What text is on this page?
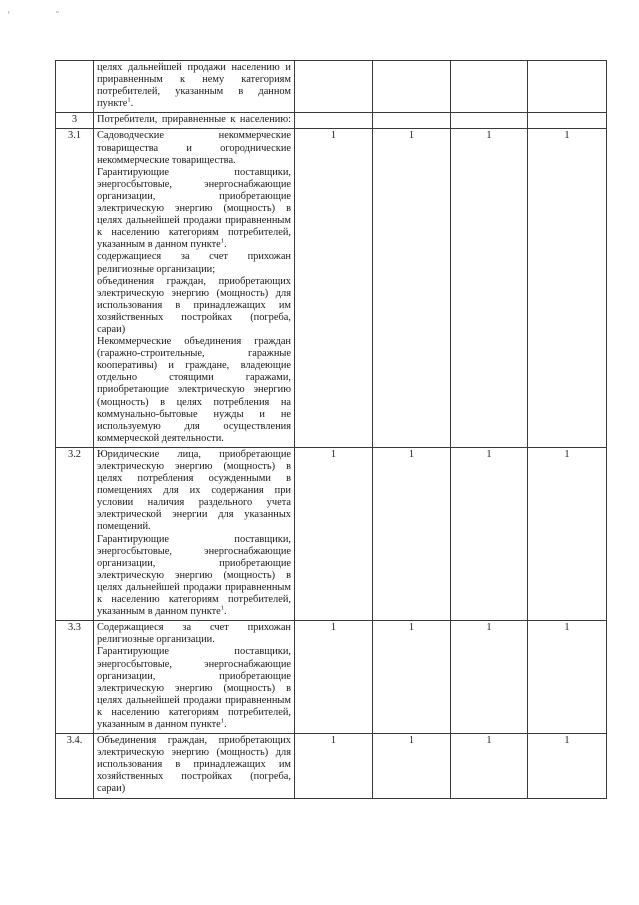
'	˝

	целях дальнейшей продажи населению и приравненным к нему категориям потребителей, указанным в данном пункте$^1$.				

3	Потребители, приравненные к населению:				

3.1	Садоводческие некоммерческие товарищества и огороднические некоммерческие товарищества.

Гарантирующие поставщики, энергосбытовые, энергоснабжающие организации, приобретающие электрическую энергию (мощность) в целях дальнейшей продажи приравненным к населению категориям потребителей, указанным в данном пункте$^1$.

содержащиеся за счет прихожан религиозные организации;

объединения граждан, приобретающих электрическую энергию (мощность) для использования в принадлежащих им хозяйственных постройках (погреба, сараи)

Некоммерческие объединения граждан (гаражно-строительные, гаражные кооперативы) и граждане, владеющие отдельно стоящими гаражами, приобретающие электрическую энергию (мощность) в целях потребления на коммунально-бытовые нужды и не используемую для осуществления коммерческой деятельности.	1	1	1	1
3.2	Юридические лица, приобретающие электрическую энергию (мощность) в целях потребления осужденными в помещениях для их содержания при условии наличия раздельного учета электрической энергии для указанных помещений.

Гарантирующие поставщики, энергосбытовые, энергоснабжающие организации, приобретающие электрическую энергию (мощность) в целях дальнейшей продажи приравненным к населению категориям потребителей, указанным в данном пункте$^1$.	1	1	1	1
3.3	Содержащиеся за счет прихожан религиозные организации.

Гарантирующие поставщики, энергосбытовые, энергоснабжающие организации, приобретающие электрическую энергию (мощность) в целях дальнейшей продажи приравненным к населению категориям потребителей, указанным в данном пункте$^1$.	1	1	1	1
3.4.	Объединения граждан, приобретающих электрическую энергию (мощность) для использования в принадлежащих им хозяйственных постройках (погреба, сараи)	1	1	1	1
